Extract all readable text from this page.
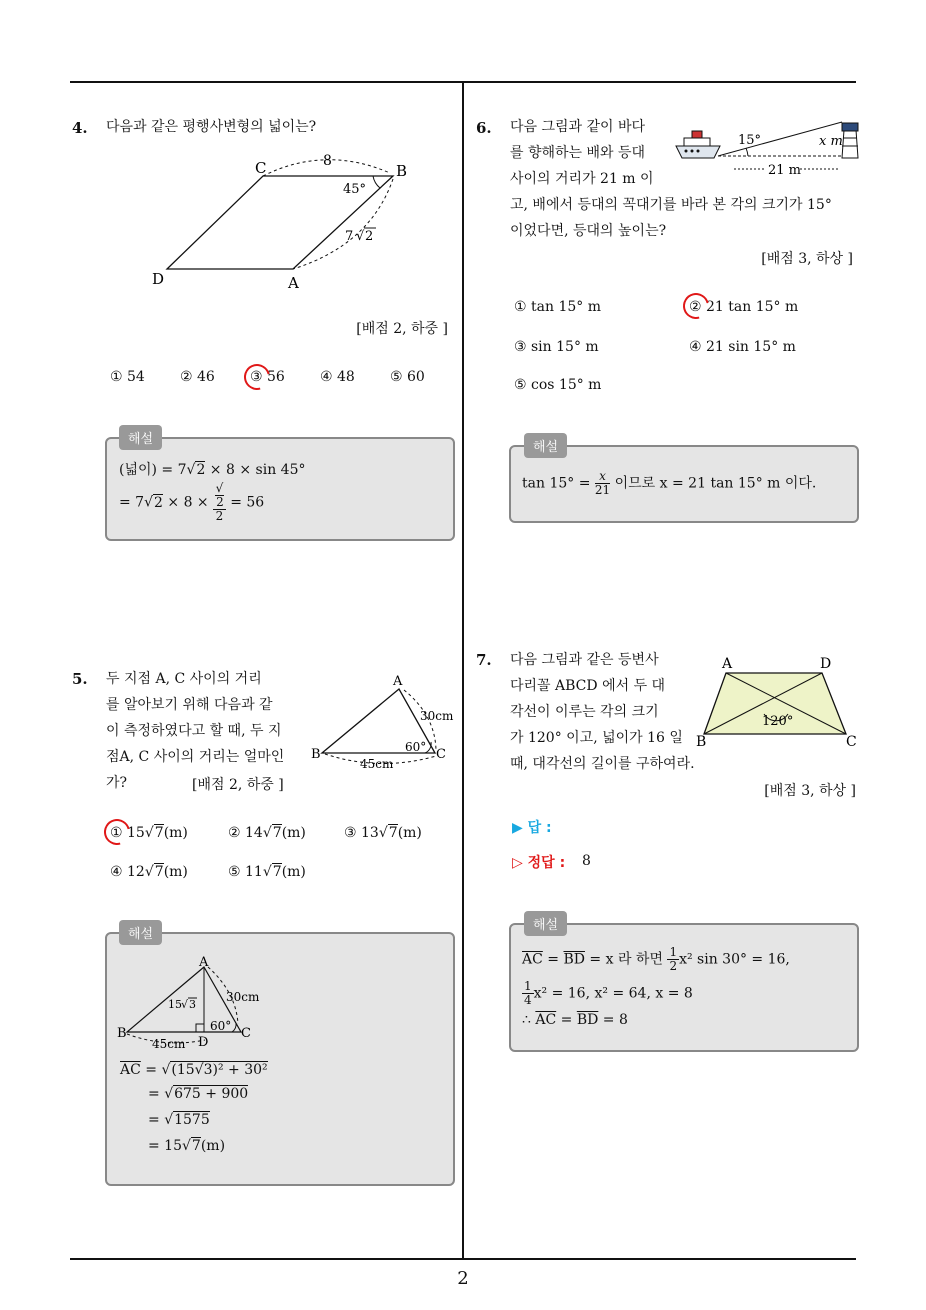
4. 다음과 같은 평행사변형의 넓이는?
C	B
D	A
8
45°
7 √ 2
[배점 2, 하중 ]
① 54	② 46	③ 56	④ 48	⑤ 60
해설
(넓이) = 7√2 × 8 × sin 45°
= 7√2 × 8 × √
2
2 = 56
5. 두 지점 A, C 사이의 거리
를 알아보기 위해 다음과 같
이 측정하였다고 할 때, 두 지
점A, C 사이의 거리는 얼마인
가?	[배점 2, 하중 ]
A
B	C
30cm
45cm
60°
① 15√7(m)	② 14√7(m)	③ 13√7(m)
④ 12√7(m)	⑤ 11√7(m)
해설
A
B	C
D
15 √ 3
30cm
45cm
60°
$\overline{AC} = √(15√3)^2 + 30^2$
= √675 + 900
= √1575
= 15√7(m)
6. 다음 그림과 같이 바다
를 향해하는 배와 등대
사이의 거리가 21 m 이
고, 배에서 등대의 꼭대기를 바라 본 각의 크기가 15°
이었다면, 등대의 높이는?
15°	x m
21 m
[배점 3, 하상 ]
① tan 15° m	② 21 tan 15° m
③ sin 15° m	④ 21 sin 15° m
⑤ cos 15° m
해설
$\tan 15^\circ = \frac{x}{21}$ 이므로 x = 21 tan 15° m 이다.
7. 다음 그림과 같은 등변사
다리꼴 ABCD 에서 두 대
각선이 이루는 각의 크기
가 120° 이고, 넓이가 16 일
때, 대각선의 길이를 구하여라.
A	D
B	C
120°
[배점 3, 하상 ]
▶ 답 :
▷ 정답 : 8
해설
$\overline{AC} = \overline{BD} = x$ 라 하면 $\frac{1}{2} x^2$ sin 30° = 16,
$\frac{1}{4} x^2 = 16$, x² = 64, x = 8
∴ $\overline{AC} = \overline{BD} = 8$
2
